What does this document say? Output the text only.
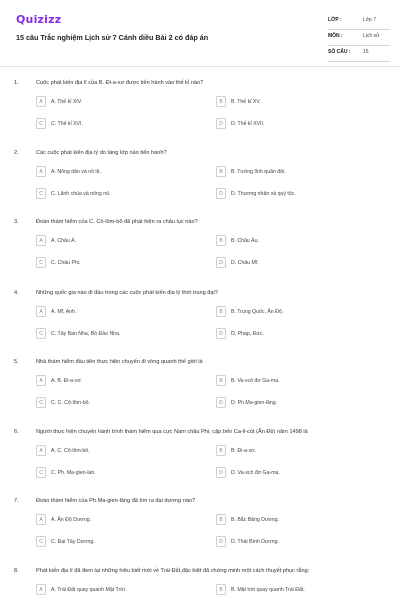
Quizizz
15 câu Trắc nghiệm Lịch sử 7 Cánh diều Bài 2 có đáp án
LỚP :	Lớp 7
MÔN :	Lịch sử
SỐ CÂU :	15
1.	Cuộc phát kiến địa lí của B. Đi-a-xơ được tiến hành vào thế kỉ nào?
A	A. Thế kỉ XIV.	B	B. Thế kỉ XV.
C	C. Thế kỉ XVI.	D	D. Thế kỉ XVII.
2.	Các cuộc phát kiến địa lý do tầng lớp nào tiến hành?
A	A. Nông dân và nô lệ.	B	B. Tướng lĩnh quân đội.
C	C. Lãnh chúa và nông nô.	D	D. Thương nhân và quý tộc.
3.	Đoàn thám hiểm của C. Cô-lôm-bô đã phát hiện ra châu lục nào?
A	A. Châu Á.	B	B. Châu Âu.
C	C. Châu Phi.	D	D. Châu Mĩ.
4.	Những quốc gia nào đi đầu trong các cuộc phát kiến địa lý thời trung đại?
A	A. Mĩ, Anh.	B	B. Trung Quốc, Ấn Độ.
C	C. Tây Ban Nha, Bồ Đào Nha.	D	D. Pháp, Đức.
5.	Nhà thám hiểm đầu tiên thực hiện chuyến đi vòng quanh thế giới là
A	A. B. Đi-a-xơ.	B	B. Va-xcô đơ Ga-ma.
C	C. C. Cô-lôm-bô.	D	D. Ph.Ma-gien-lăng.
6.	Người thực hiện chuyến hành trình thám hiểm qua cực Nam châu Phi, cập bến Ca-li-cút (Ấn Độ) năm 1498 là
A	A. C. Cô-lôm-bô.	B	B. Đi-a-xơ.
C	C. Ph. Ma-gien-lan.	D	D. Va-xcô đơ Ga-ma.
7.	Đoàn thám hiểm của Ph.Ma-gien-lăng đã tìm ra đại dương nào?
A	A. Ấn Độ Dương.	B	B. Bắc Băng Dương.
C	C. Đại Tây Dương.	D	D. Thái Bình Dương.
8.	Phát kiến địa lí đã đem lại những hiểu biết mới về Trái Đất,đặc biệt đã chứng minh một cách thuyết phục rằng:
A	A. Trái Đất quay quanh Mặt Trời.	B	B. Mặt trời quay quanh Trái Đất.
